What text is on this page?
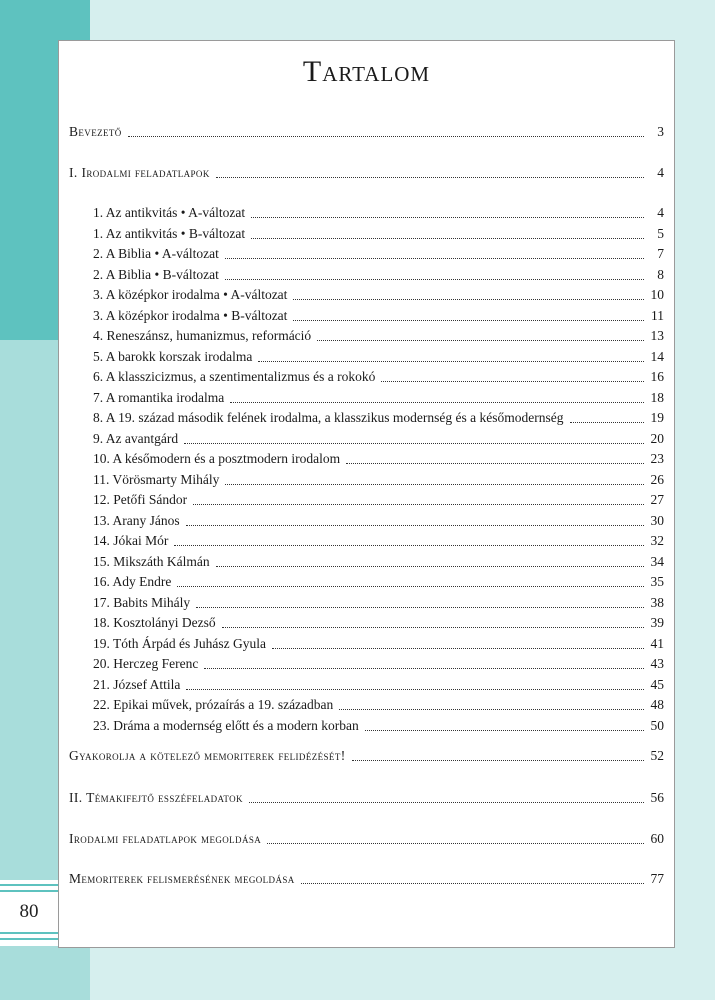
80
Tartalom
Bevezető	3
I. Irodalmi feladatlapok	4
1. Az antikvitás • A-változat	4
1. Az antikvitás • B-változat	5
2. A Biblia • A-változat	7
2. A Biblia • B-változat	8
3. A középkor irodalma • A-változat	10
3. A középkor irodalma • B-változat	11
4. Reneszánsz, humanizmus, reformáció	13
5. A barokk korszak irodalma	14
6. A klasszicizmus, a szentimentalizmus és a rokokó	16
7. A romantika irodalma	18
8. A 19. század második felének irodalma, a klasszikus modernség és a későmodernség	19
9. Az avantgárd	20
10. A későmodern és a posztmodern irodalom	23
11. Vörösmarty Mihály	26
12. Petőfi Sándor	27
13. Arany János	30
14. Jókai Mór	32
15. Mikszáth Kálmán	34
16. Ady Endre	35
17. Babits Mihály	38
18. Kosztolányi Dezső	39
19. Tóth Árpád és Juhász Gyula	41
20. Herczeg Ferenc	43
21. József Attila	45
22. Epikai művek, prózaírás a 19. században	48
23. Dráma a modernség előtt és a modern korban	50
Gyakorolja a kötelező memoriterek felidézését!	52
II. Témakifejtő esszéfeladatok	56
Irodalmi feladatlapok megoldása	60
Memoriterek felismerésének megoldása	77
